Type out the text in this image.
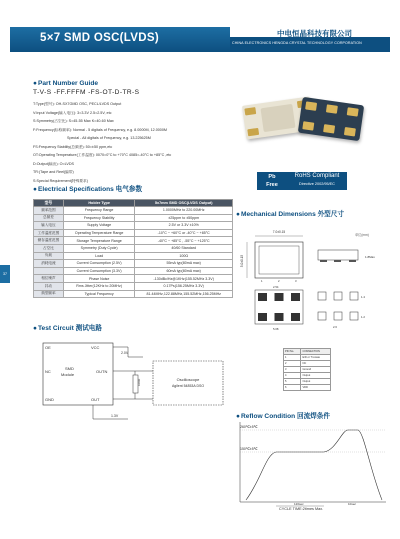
5×7 SMD OSC(LVDS)	中电恒晶科技有限公司
CHINA ELECTRONICS HENGDA CRYSTAL TECHNOLOGY CORPORATION
●Part Number Guide
T-V-S -FF.FFFM -FS-OT-D-TR-S
T:Type(型号): OH-SX7GMD OSC, PECL/LVDS Output
V:Input Voltage(输入电压): 3=3.3V 2.5=2.5V, etc
S:Symmetry(占空比): S=45-55 Max K=40-60 Max
F:Frequency(标称频率): Normal - 5 digitals of Frequency, e.g. 8.0000M, 12.0000M
Special - All digitals of Frequency, e.g. 13.225625M
FS:Frequency Stability(总频差): 50=±50 ppm,etc
OT:Operating Temperature(工作温度): 0070=0°C to +70°C 4085=-40°C to +85°C ,etc
D:Output(输出): O=LVDS
TR:(Tape and Reel(编带)
S:Special Requirement(特殊要求)
Pb
Free
RoHS Compliant
Directive 2002/95/EC
●Electrical Specifications 电气参数
型号	Holder Type	5x7mm SMD OSC(LVDS Output)
频率范围	Frequency Range	1.0000MHz to 220.00MHz
总频差	Frequency Stability	±25ppm to ±50ppm
输入电压	Supply Voltage	2.5V or 3.3V ±10%
工作温度范围	Operating Temperature Range	-10°C ~ +60°C or -40°C ~ +85°C
储存温度范围	Storage Temperature Range	-40°C ~ +85°C , -55°C ~ +125°C
占空比	Symmetry (Duty Cycle)	40/60 Standard
负载	Load	100Ω
消耗电流	Current Consumption (2.5V)	55mA typ(80mA max)
	Current Consumption (3.3V)	60mA typ(80mA max)
相位噪声	Phase Noise	-130dBc/Hz@1KHz(155.52MHz 3.3V)
抖动	Rms Jitter(12KHz to 20MHz)	0.17Ps(156.25MHz 3.3V)
典型频率	Typical Frequency	81.44MHz,122.88MHz,155.52MHz,156.25MHz
37
●Mechanical Dimensions 外型尺寸
单位(mm)
7.0±0.15
5.0±0.15
1	2	3
1.8Max
2.54
5.08
1.4
1.2
2.6
PIN No.	CONNECTION
1	E/D or Tri-state
2	NC
3	Ground
4	Output
5	Output
6	VDD
●Test Circuit 测试电路
OE	VCC
NC
SMD
Module
OUTN
GND	OUT
2.0V
100Ω	Oscilloscope
Agilent 54853A DSO
1.3V	●Reflow Condition 回流焊条件
260℃±5℃
150℃±5℃
120sec	10sec
CYCLE TIME:2times Max.
